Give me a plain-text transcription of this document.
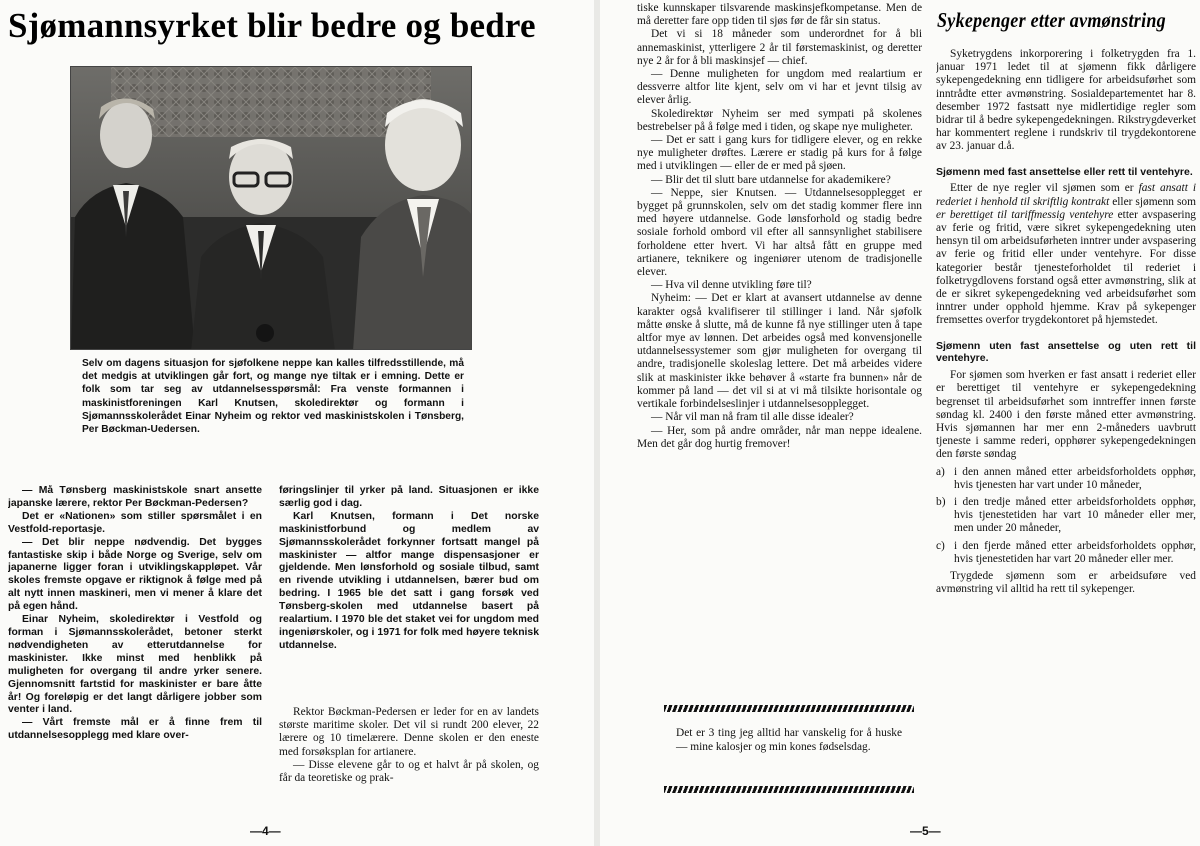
Sjømannsyrket blir bedre og bedre
Selv om dagens situasjon for sjøfolkene neppe kan kalles tilfredsstillende, må det medgis at utviklingen går fort, og mange nye tiltak er i emning. Dette er folk som tar seg av utdannelsesspørsmål: Fra venste formannen i maskinistforeningen Karl Knutsen, skoledirektør og formann i Sjømannsskolerådet Einar Nyheim og rektor ved maskinistskolen i Tønsberg, Per Bøckman-Uedersen.

— Må Tønsberg maskinistskole snart ansette japanske lærere, rektor Per Bøckman-Pedersen?

Det er «Nationen» som stiller spørsmålet i en Vestfold-reportasje.

— Det blir neppe nødvendig. Det bygges fantastiske skip i både Norge og Sverige, selv om japanerne ligger foran i utviklingskappløpet. Vår skoles fremste opgave er riktignok å følge med på alt nytt innen maskineri, men vi mener å klare det på egen hånd.

Einar Nyheim, skoledirektør i Vestfold og forman i Sjømannsskolerådet, betoner sterkt nødvendigheten av etterutdannelse for maskinister. Ikke minst med henblikk på muligheten for overgang til andre yrker senere. Gjennomsnitt fartstid for maskinister er bare åtte år! Og foreløpig er det langt dårligere jobber som venter i land.

— Vårt fremste mål er å finne frem til utdannelsesopplegg med klare over-

føringslinjer til yrker på land. Situasjonen er ikke særlig god i dag.

Karl Knutsen, formann i Det norske maskinistforbund og medlem av Sjømannsskolerådet forkynner fortsatt mangel på maskinister — altfor mange dispensasjoner er gjeldende. Men lønsforhold og sosiale tilbud, samt en rivende utvikling i utdannelsen, bærer bud om bedring. I 1965 ble det satt i gang forsøk ved Tønsberg-skolen med utdannelse basert på realartium. I 1970 ble det staket vei for ungdom med ingeniørskoler, og i 1971 for folk med høyere teknisk utdannelse.

Rektor Bøckman-Pedersen er leder for en av landets største maritime skoler. Det vil si rundt 200 elever, 22 lærere og 10 timelærere. Denne skolen er den eneste med forsøksplan for artianere.

— Disse elevene går to og et halvt år på skolen, og får da teoretiske og prak-

—4—

tiske kunnskaper tilsvarende maskinsjefkompetanse. Men de må deretter fare opp tiden til sjøs før de får sin status.

Det vi si 18 måneder som underordnet for å bli annemaskinist, ytterligere 2 år til førstemaskinist, og deretter nye 2 år for å bli maskinsjef — chief.

— Denne muligheten for ungdom med realartium er dessverre altfor lite kjent, selv om vi har et jevnt tilsig av elever årlig.

Skoledirektør Nyheim ser med sympati på skolenes bestrebelser på å følge med i tiden, og skape nye muligheter.

— Det er satt i gang kurs for tidligere elever, og en rekke nye muligheter drøftes. Lærere er stadig på kurs for å følge med i utviklingen — eller de er med på sjøen.

— Blir det til slutt bare utdannelse for akademikere?

— Neppe, sier Knutsen. — Utdannelsesopplegget er bygget på grunnskolen, selv om det stadig kommer flere inn med høyere utdannelse. Gode lønsforhold og stadig bedre sosiale forhold ombord vil efter all sannsynlighet stabilisere forholdene etter hvert. Vi har altså fått en gruppe med artianere, teknikere og ingeniører utenom de tradisjonelle elever.

— Hva vil denne utvikling føre til?

Nyheim: — Det er klart at avansert utdannelse av denne karakter også kvalifiserer til stillinger i land. Når sjøfolk måtte ønske å slutte, må de kunne få nye stillinger uten å tape altfor mye av lønnen. Det arbeides også med konvensjonelle utdannelsessystemer som gjør muligheten for overgang til andre, tradisjonelle skoleslag lettere. Det må arbeides videre slik at maskinister ikke behøver å «starte fra bunnen» når de kommer på land — det vil si at vi må tilsikte horisontale og vertikale forbindelseslinjer i utdannelsesopplegget.

— Når vil man nå fram til alle disse idealer?

— Her, som på andre områder, når man neppe idealene. Men det går dog hurtig fremover!

Det er 3 ting jeg alltid har vanskelig for å huske — mine kalosjer og min kones fødselsdag.
Sykepenger etter avmønstring

Syketrygdens inkorporering i folketrygden fra 1. januar 1971 ledet til at sjømenn fikk dårligere sykepengedekning enn tidligere for arbeidsuførhet som inntrådte etter avmønstring. Sosialdepartementet har 8. desember 1972 fastsatt nye midlertidige regler som bidrar til å bedre sykepengedekningen. Rikstrygdeverket har kommentert reglene i rundskriv til trygdekontorene av 23. januar d.å.

Sjømenn med fast ansettelse eller rett til ventehyre.

Etter de nye regler vil sjømen som er fast ansatt i rederiet i henhold til skriftlig kontrakt eller sjømenn som er berettiget til tariffmessig ventehyre etter avspasering av ferie og fritid, være sikret sykepengedekning uten hensyn til om arbeidsuførheten inntrer under avspasering av ferie og fritid eller under ventehyre. For disse kategorier består tjenesteforholdet til rederiet i folketrygdlovens forstand også etter avmønstring, slik at de er sikret sykepengedekning ved arbeidsuførhet som inntrer under opphold hjemme. Krav på sykepenger fremsettes overfor trygdekontoret på hjemstedet.

Sjømenn uten fast ansettelse og uten rett til ventehyre.

For sjømen som hverken er fast ansatt i rederiet eller er berettiget til ventehyre er sykepengedekning begrenset til arbeidsuførhet som inntreffer innen første søndag kl. 2400 i den første måned etter avmønstring. Hvis sjømannen har mer enn 2-måneders uavbrutt tjeneste i samme rederi, opphører sykepengedekningen den første søndag

a) i den annen måned etter arbeidsforholdets opphør, hvis tjenesten har vart under 10 måneder,
b) i den tredje måned etter arbeidsforholdets opphør, hvis tjenestetiden har vart 10 måneder eller mer, men under 20 måneder,
c) i den fjerde måned etter arbeidsforholdets opphør, hvis tjenestetiden har vart 20 måneder eller mer.

Trygdede sjømenn som er arbeidsuføre ved avmønstring vil alltid ha rett til sykepenger.

—5—
